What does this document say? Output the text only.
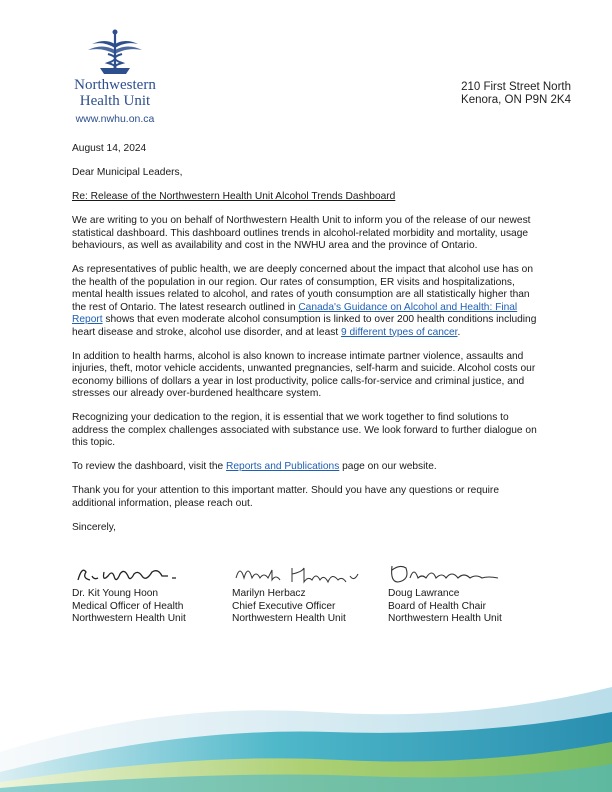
Northwestern
Health Unit
www.nwhu.on.ca
210 First Street North
Kenora, ON P9N 2K4

August 14, 2024

Dear Municipal Leaders,

Re: Release of the Northwestern Health Unit Alcohol Trends Dashboard

We are writing to you on behalf of Northwestern Health Unit to inform you of the release of our newest statistical dashboard. This dashboard outlines trends in alcohol-related morbidity and mortality, usage behaviours, as well as availability and cost in the NWHU area and the province of Ontario.

As representatives of public health, we are deeply concerned about the impact that alcohol use has on the health of the population in our region. Our rates of consumption, ER visits and hospitalizations, mental health issues related to alcohol, and rates of youth consumption are all statistically higher than the rest of Ontario. The latest research outlined in Canada's Guidance on Alcohol and Health: Final Report shows that even moderate alcohol consumption is linked to over 200 health conditions including heart disease and stroke, alcohol use disorder, and at least 9 different types of cancer.

In addition to health harms, alcohol is also known to increase intimate partner violence, assaults and injuries, theft, motor vehicle accidents, unwanted pregnancies, self-harm and suicide. Alcohol costs our economy billions of dollars a year in lost productivity, police calls-for-service and criminal justice, and stresses our already over-burdened healthcare system.

Recognizing your dedication to the region, it is essential that we work together to find solutions to address the complex challenges associated with substance use. We look forward to further dialogue on this topic.

To review the dashboard, visit the Reports and Publications page on our website.

Thank you for your attention to this important matter. Should you have any questions or require additional information, please reach out.

Sincerely,

Dr. Kit Young Hoon
Medical Officer of Health
Northwestern Health Unit
Marilyn Herbacz
Chief Executive Officer
Northwestern Health Unit
Doug Lawrance
Board of Health Chair
Northwestern Health Unit
